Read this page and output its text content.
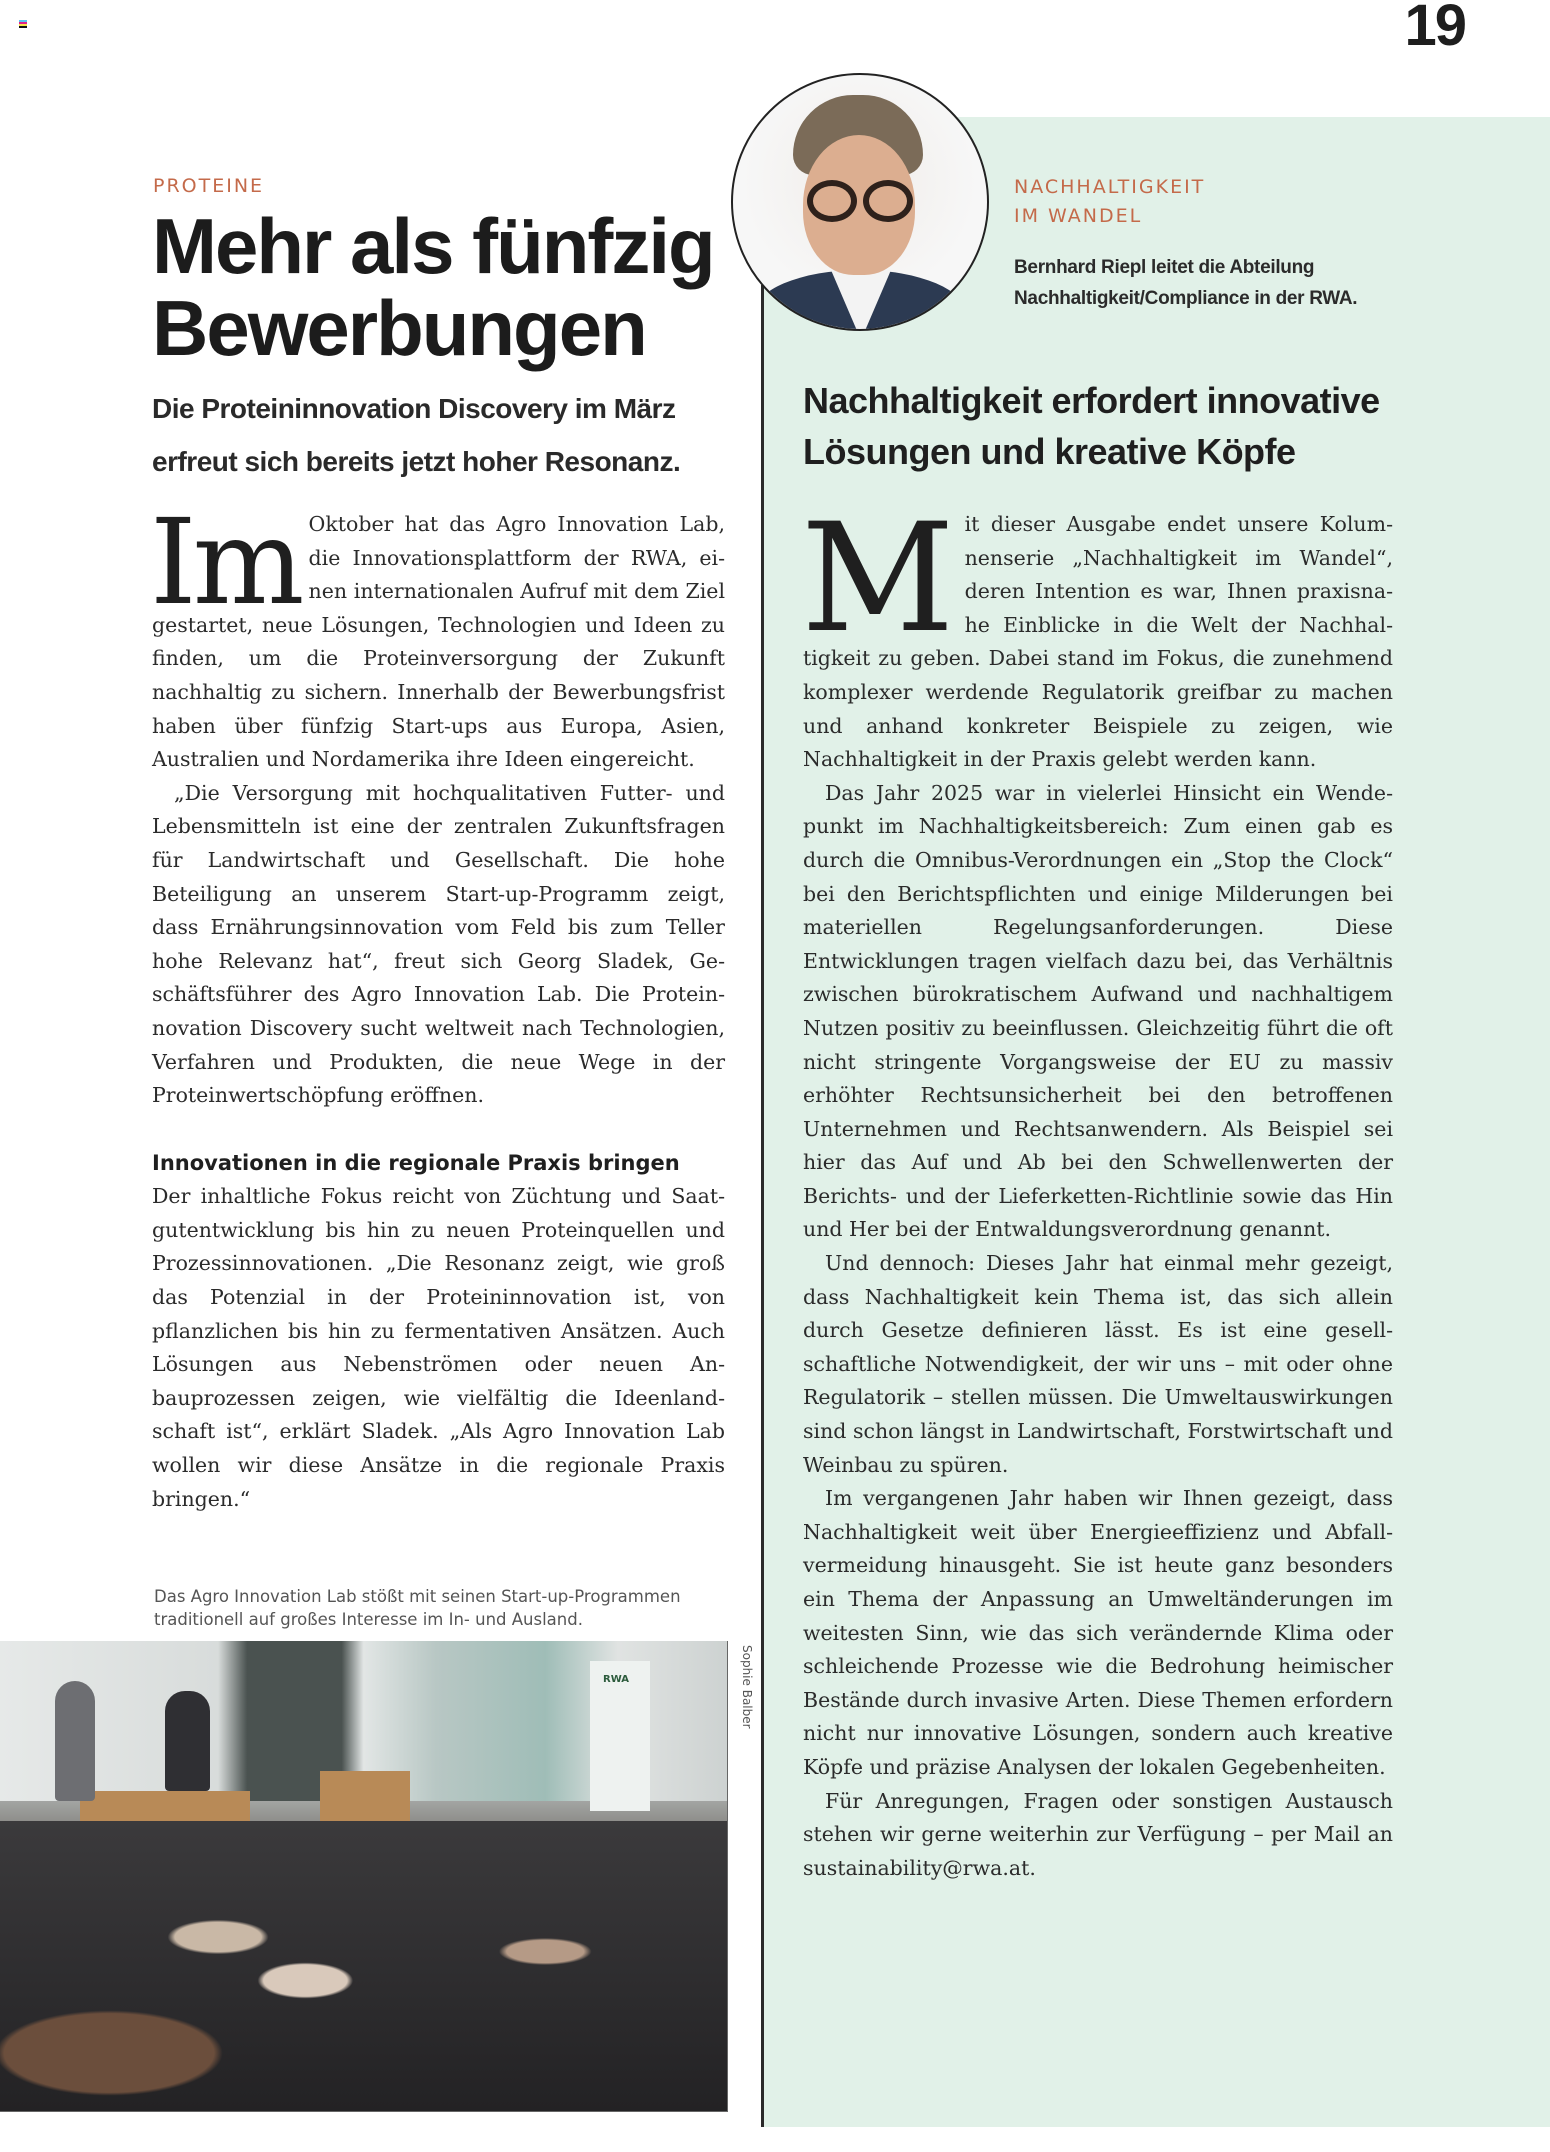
19
PROTEINE
Mehr als fünfzig Bewerbungen
Die Proteininnovation Discovery im März erfreut sich bereits jetzt hoher Resonanz.

Im Oktober hat das Agro Innovation Lab, die Innovationsplattform der RWA, einen internationalen Aufruf mit dem Ziel gestartet, neue Lösungen, Technologien und Ideen zu finden, um die Proteinversorgung der Zukunft nachhaltig zu sichern. Innerhalb der Bewerbungsfrist haben über fünfzig Start-ups aus Europa, Asien, Australien und Nordamerika ihre Ideen eingereicht.

„Die Versorgung mit hochqualitativen Futter- und Lebensmitteln ist eine der zentralen Zukunftsfragen für Landwirtschaft und Gesellschaft. Die hohe Beteiligung an unserem Start-up-Programm zeigt, dass Ernährungsinnovation vom Feld bis zum Teller hohe Relevanz hat“, freut sich Georg Sladek, Geschäftsführer des Agro Innovation Lab. Die Proteinnovation Discovery sucht weltweit nach Technologien, Verfahren und Produkten, die neue Wege in der Proteinwertschöpfung eröffnen.

Innovationen in die regionale Praxis bringen

Der inhaltliche Fokus reicht von Züchtung und Saatgutentwicklung bis hin zu neuen Proteinquellen und Prozessinnovationen. „Die Resonanz zeigt, wie groß das Potenzial in der Proteininnovation ist, von pflanzlichen bis hin zu fermentativen Ansätzen. Auch Lösungen aus Nebenströmen oder neuen Anbauprozessen zeigen, wie vielfältig die Ideenlandschaft ist“, erklärt Sladek. „Als Agro Innovation Lab wollen wir diese Ansätze in die regionale Praxis bringen.“

Das Agro Innovation Lab stößt mit seinen Start-up-Programmen traditionell auf großes Interesse im In- und Ausland.
RWA	Sophie Balber
NACHHALTIGKEIT
IM WANDEL
Bernhard Riepl leitet die Abteilung Nachhaltigkeit/Compliance in der RWA.
Nachhaltigkeit erfordert innovative Lösungen und kreative Köpfe

M it dieser Ausgabe endet unsere Kolumnenserie „Nachhaltigkeit im Wandel“, deren Intention es war, Ihnen praxisnahe Einblicke in die Welt der Nachhaltigkeit zu geben. Dabei stand im Fokus, die zunehmend komplexer werdende Regulatorik greifbar zu machen und anhand konkreter Beispiele zu zeigen, wie Nachhaltigkeit in der Praxis gelebt werden kann.

Das Jahr 2025 war in vielerlei Hinsicht ein Wendepunkt im Nachhaltigkeitsbereich: Zum einen gab es durch die Omnibus-Verordnungen ein „Stop the Clock“ bei den Berichtspflichten und einige Milderungen bei materiellen Regelungsanforderungen. Diese Entwicklungen tragen vielfach dazu bei, das Verhältnis zwischen bürokratischem Aufwand und nachhaltigem Nutzen positiv zu beeinflussen. Gleichzeitig führt die oft nicht stringente Vorgangsweise der EU zu massiv erhöhter Rechtsunsicherheit bei den betroffenen Unternehmen und Rechtsanwendern. Als Beispiel sei hier das Auf und Ab bei den Schwellenwerten der Berichts- und der Lieferketten-Richtlinie sowie das Hin und Her bei der Entwaldungsverordnung genannt.

Und dennoch: Dieses Jahr hat einmal mehr gezeigt, dass Nachhaltigkeit kein Thema ist, das sich allein durch Gesetze definieren lässt. Es ist eine gesellschaftliche Notwendigkeit, der wir uns – mit oder ohne Regulatorik – stellen müssen. Die Umweltauswirkungen sind schon längst in Landwirtschaft, Forstwirtschaft und Weinbau zu spüren.

Im vergangenen Jahr haben wir Ihnen gezeigt, dass Nachhaltigkeit weit über Energieeffizienz und Abfallvermeidung hinausgeht. Sie ist heute ganz besonders ein Thema der Anpassung an Umweltänderungen im weitesten Sinn, wie das sich verändernde Klima oder schleichende Prozesse wie die Bedrohung heimischer Bestände durch invasive Arten. Diese Themen erfordern nicht nur innovative Lösungen, sondern auch kreative Köpfe und präzise Analysen der lokalen Gegebenheiten.

Für Anregungen, Fragen oder sonstigen Austausch stehen wir gerne weiterhin zur Verfügung – per Mail an sustainability@rwa.at.
